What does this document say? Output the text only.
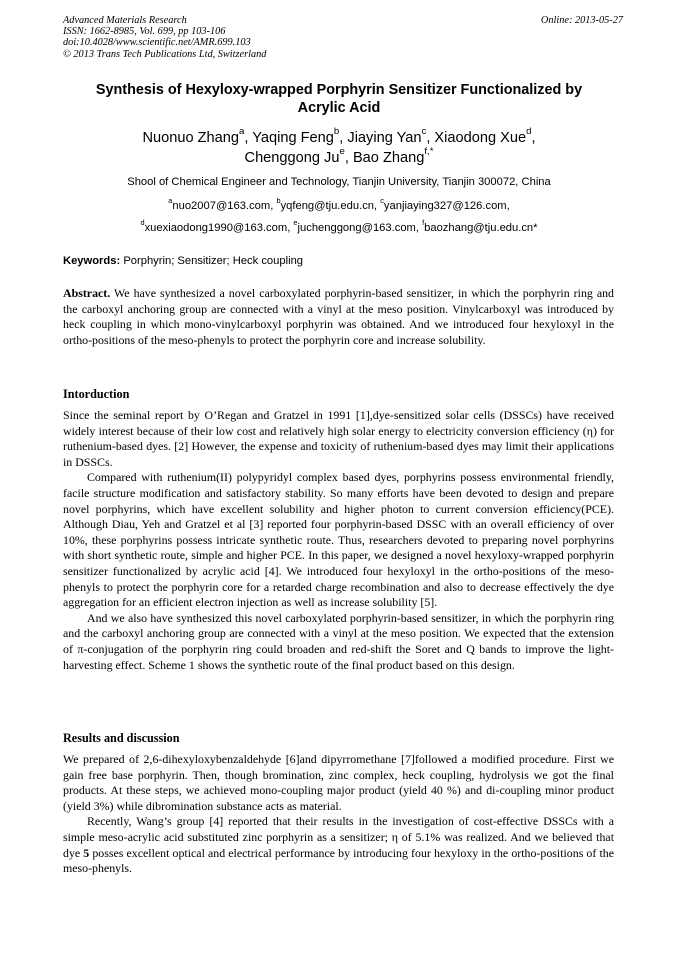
Advanced Materials Research
ISSN: 1662-8985, Vol. 699, pp 103-106
doi:10.4028/www.scientific.net/AMR.699.103
© 2013 Trans Tech Publications Ltd, Switzerland
Online: 2013-05-27
Synthesis of Hexyloxy-wrapped Porphyrin Sensitizer Functionalized by
Acrylic Acid
Nuonuo Zhang$^a$, Yaqing Feng$^b$, Jiaying Yan$^c$, Xiaodong Xue$^d$,
Chenggong Ju$^e$, Bao Zhang$^{f,*}$
Shool of Chemical Engineer and Technology, Tianjin University, Tianjin 300072, China
$^a$nuo2007@163.com, $^b$yqfeng@tju.edu.cn, $^c$yanjiaying327@126.com,
$^d$xuexiaodong1990@163.com, $^e$juchenggong@163.com, $^f$baozhang@tju.edu.cn*
Keywords: Porphyrin; Sensitizer; Heck coupling
Abstract. We have synthesized a novel carboxylated porphyrin-based sensitizer, in which the porphyrin ring and the carboxyl anchoring group are connected with a vinyl at the meso position. Vinylcarboxyl was introduced by heck coupling in which mono-vinylcarboxyl porphyrin was obtained. And we introduced four hexyloxyl in the ortho-positions of the meso-phenyls to protect the porphyrin core and increase solubility.
Intorduction

Since the seminal report by O’Regan and Gratzel in 1991 [1],dye-sensitized solar cells (DSSCs) have received widely interest because of their low cost and relatively high solar energy to electricity conversion efficiency (η) for ruthenium-based dyes. [2] However, the expense and toxicity of ruthenium-based dyes may limit their applications in DSSCs.

Compared with ruthenium(II) polypyridyl complex based dyes, porphyrins possess environmental friendly, facile structure modification and satisfactory stability. So many efforts have been devoted to design and prepare novel porphyrins, which have excellent solubility and higher photon to current conversion efficiency(PCE). Although Diau, Yeh and Gratzel et al [3] reported four porphyrin-based DSSC with an overall efficiency of over 10%, these porphyrins possess intricate synthetic route. Thus, researchers devoted to preparing novel porphyrins with short synthetic route, simple and higher PCE. In this paper, we designed a novel hexyloxy-wrapped porphyrin sensitizer functionalized by acrylic acid [4]. We introduced four hexyloxyl in the ortho-positions of the meso-phenyls to protect the porphyrin core for a retarded charge recombination and also to decrease effectively the dye aggregation for an efficient electron injection as well as increase solubility [5].

And we also have synthesized this novel carboxylated porphyrin-based sensitizer, in which the porphyrin ring and the carboxyl anchoring group are connected with a vinyl at the meso position. We expected that the extension of π-conjugation of the porphyrin ring could broaden and red-shift the Soret and Q bands to improve the light-harvesting effect. Scheme 1 shows the synthetic route of the final product based on this design.

Results and discussion

We prepared of 2,6-dihexyloxybenzaldehyde [6]and dipyrromethane [7]followed a modified procedure. First we gain free base porphyrin. Then, though bromination, zinc complex, heck coupling, hydrolysis we got the final products. At these steps, we achieved mono-coupling major product (yield 40 %) and di-coupling minor product (yield 3%) while dibromination substance acts as material.

Recently, Wang’s group [4] reported that their results in the investigation of cost-effective DSSCs with a simple meso-acrylic acid substituted zinc porphyrin as a sensitizer; η of 5.1% was realized. And we believed that dye 5 posses excellent optical and electrical performance by introducing four hexyloxy in the ortho-positions of the meso-phenyls.
